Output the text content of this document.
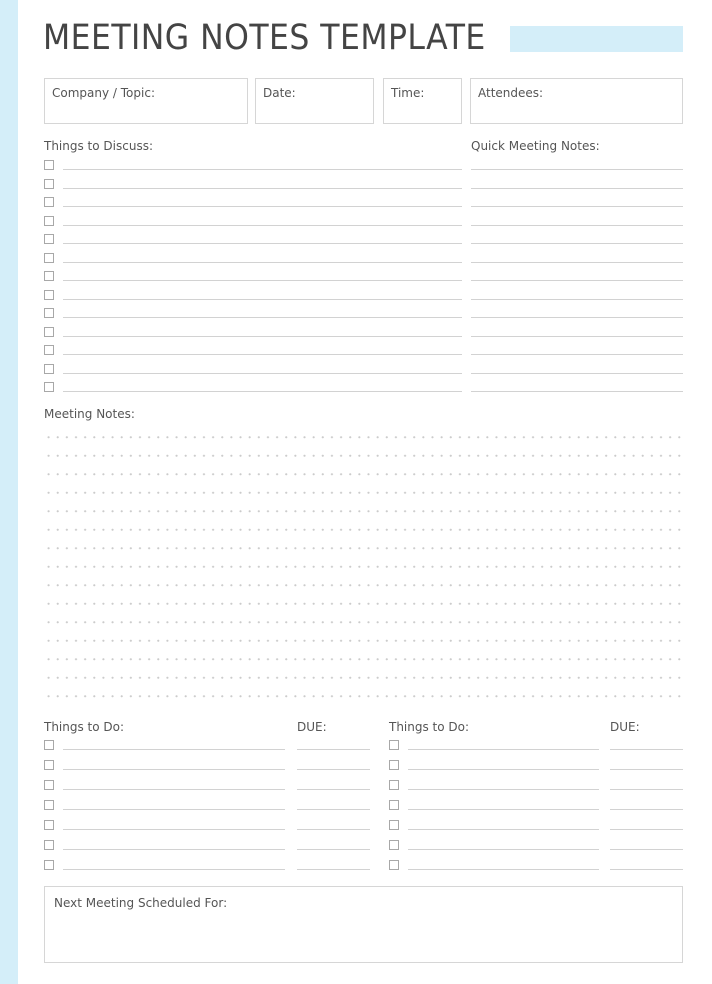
MEETING NOTES TEMPLATE
Company / Topic:	Date:	Time:	Attendees:
Things to Discuss:	Quick Meeting Notes:
Meeting Notes:
Things to Do:	DUE:	Things to Do:	DUE:
Next Meeting Scheduled For:
